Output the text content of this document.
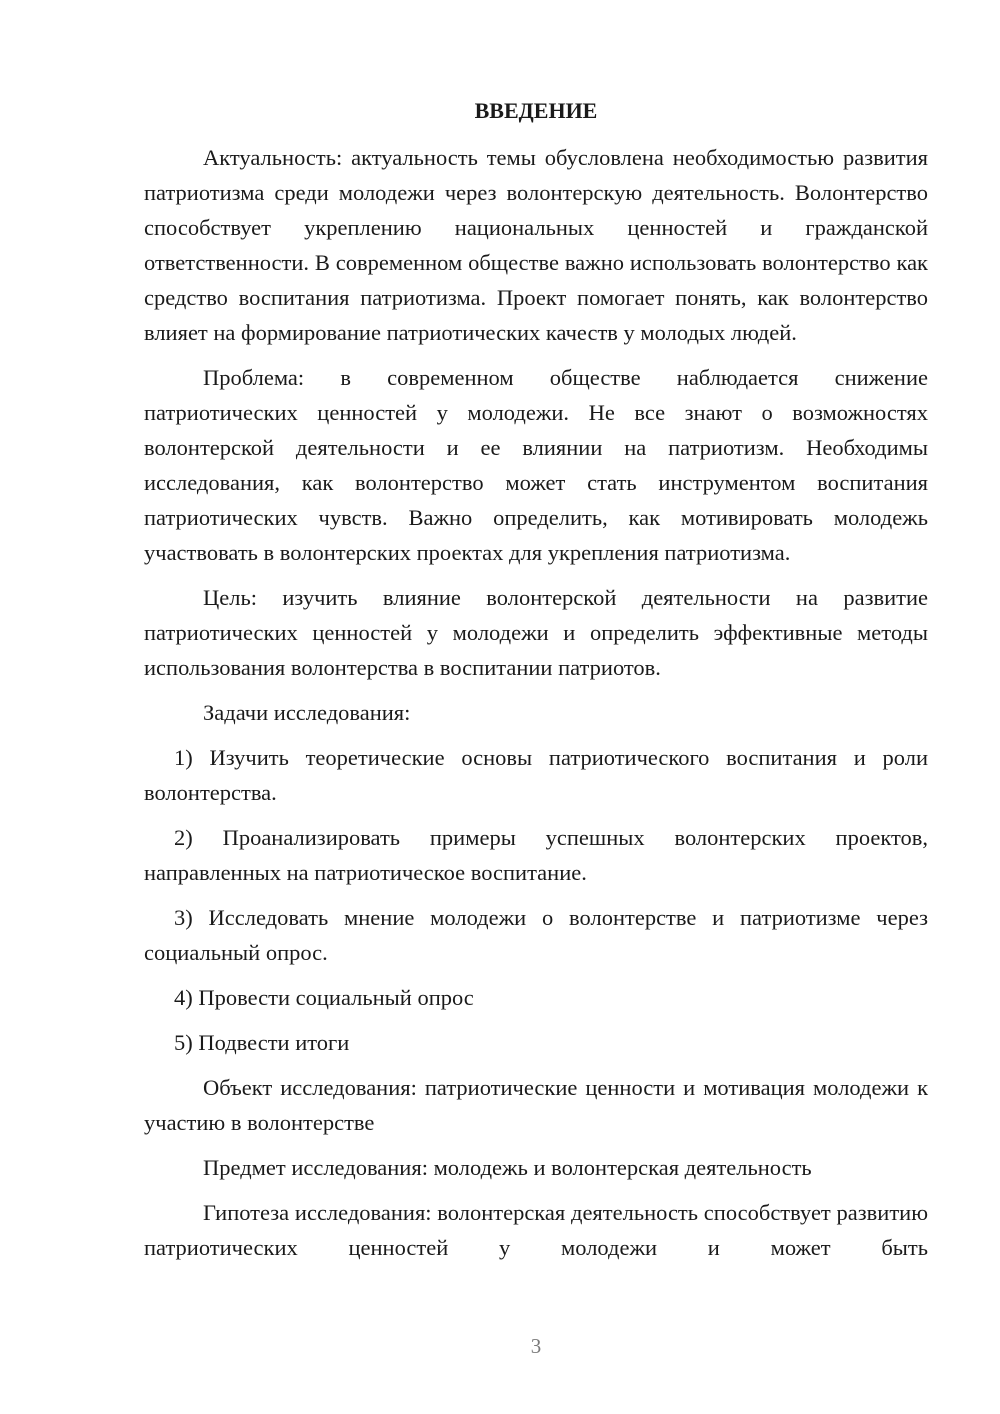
ВВЕДЕНИЕ

Актуальность: актуальность темы обусловлена необходимостью развития патриотизма среди молодежи через волонтерскую деятельность. Волонтерство способствует укреплению национальных ценностей и гражданской ответственности. В современном обществе важно использовать волонтерство как средство воспитания патриотизма. Проект помогает понять, как волонтерство влияет на формирование патриотических качеств у молодых людей.

Проблема: в современном обществе наблюдается снижение патриотических ценностей у молодежи. Не все знают о возможностях волонтерской деятельности и ее влиянии на патриотизм. Необходимы исследования, как волонтерство может стать инструментом воспитания патриотических чувств. Важно определить, как мотивировать молодежь участвовать в волонтерских проектах для укрепления патриотизма.

Цель: изучить влияние волонтерской деятельности на развитие патриотических ценностей у молодежи и определить эффективные методы использования волонтерства в воспитании патриотов.

Задачи исследования:

1) Изучить теоретические основы патриотического воспитания и роли волонтерства.

2) Проанализировать примеры успешных волонтерских проектов, направленных на патриотическое воспитание.

3) Исследовать мнение молодежи о волонтерстве и патриотизме через социальный опрос.

4) Провести социальный опрос

5) Подвести итоги

Объект исследования: патриотические ценности и мотивация молодежи к участию в волонтерстве

Предмет исследования: молодежь и волонтерская деятельность

Гипотеза исследования: волонтерская деятельность способствует развитию патриотических ценностей у молодежи и может быть

3
